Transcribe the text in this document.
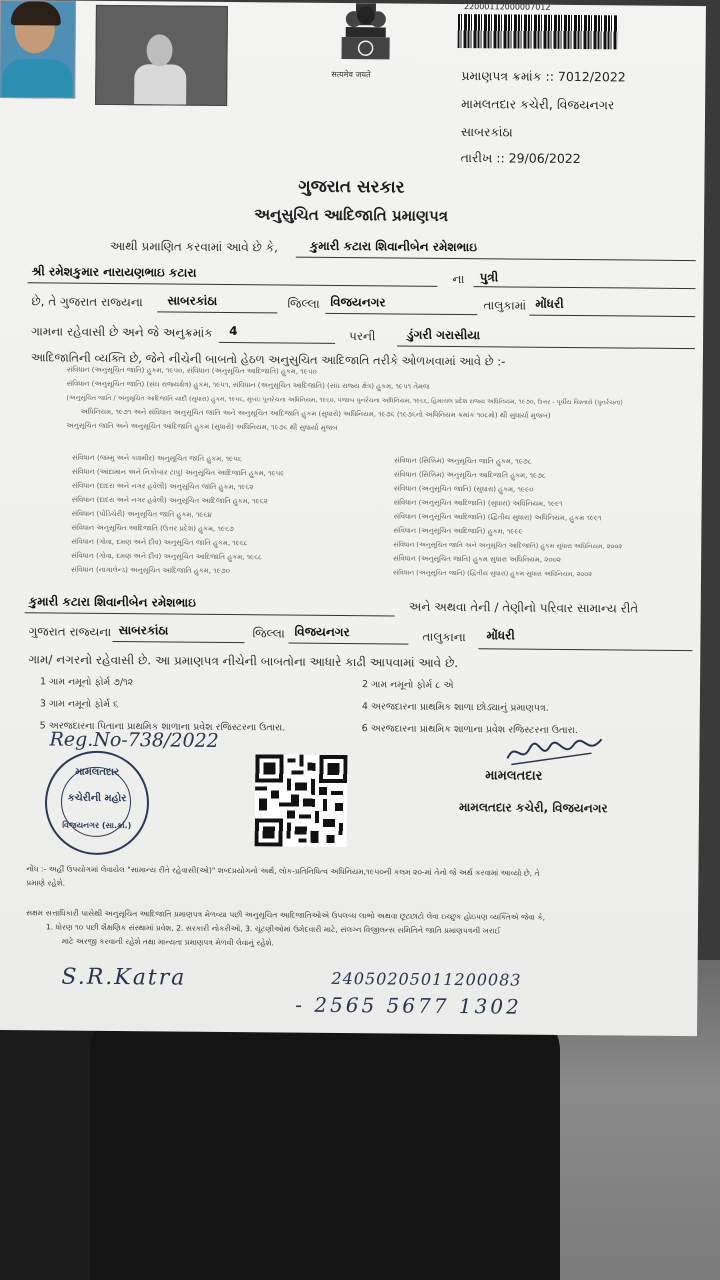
सत्यमेव जयते
22000112000007012
પ્રમાણપત્ર ક્રમાંક :: 7012/2022
મામલતદાર કચેરી, વિજયનગર
સાબરકાંઠા
તારીખ :: 29/06/2022
ગુજરાત સરકાર
અનુસુચિત આદિજાતિ પ્રમાણપત્ર
આથી પ્રમાણિત કરવામાં આવે છે કે,	કુમારી કટારા શિવાનીબેન રમેશભાઇ
શ્રી રમેશકુમાર નારાયણભાઇ કટારા	ના પુત્રી
છે, તે ગુજરાત રાજ્યના સાબરકાંઠા	જિલ્લા વિજયનગર	તાલુકામાં મોંધરી
ગામના રહેવાસી છે અને જે અનુક્રમાંક 4	પરની	ડુંગરી ગરાસીયા
આદિજાતિની વ્યક્તિ છે, જેને નીચેની બાબતો હેઠળ અનુસુચિત આદિજાતિ તરીકે ઓળખવામાં આવે છે :-
સંવિધાન (અનુસૂચિત જાતિ) હુકમ, ૧૯૫૦, સંવિધાન (અનુસૂચિત આદિજાતિ) હુકમ, ૧૯૫૦
સંવિધાન (અનુસૂચિત જાતિ) (સંઘ રાજ્યક્ષેત્ર) હુકમ, ૧૯૫૧, સંવિધાન (અનુસૂચિત આદિજાતિ) (સંઘ રાજ્ય ક્ષેત્ર) હુકમ, ૧૯૫૧ તેમજ
(અનુસૂચિત જાતિ / અનુસૂચિત આદિજાતિ યાદી (સુધારા) હુકમ, ૧૯૫૬, મુંબઇ પુનર્રચના અધિનિયમ, ૧૯૬૦, પંજાબ પુનર્રચના અધિનિયમ, ૧૯૬૬, હિમાચલ પ્રદેશ રાજ્ય અધિનિયમ, ૧૯૭૦, ઉત્તર - પૂર્વીય વિસ્તારો (પુનર્રચના)
અધિનિયમ, ૧૯૭૧ અને સંવિધાન અનુસૂચિત જાતિ અને અનુસૂચિત આદિજાતિ હુકમ (સુધારો) અધિનિયમ, ૧૯૭૬ (૧૯૭૬નો અધિનિયમ ક્રમાંક ૧૦૮મો) થી સુધાર્યા મુજબ)
અનુસૂચિત જાતિ અને અનુસૂચિત આદિજાતિ હુકમ (સુધારો) અધિનિયમ, ૧૯૭૬ થી સુધાર્યા મુજબ
સંવિધાન (જમ્મુ અને કાશ્મીર) અનુસૂચિત જાતિ હુકમ, ૧૯૫૬
સંવિધાન (આંદામાન અને નિકોબાર ટાપુ) અનુસૂચિત આદિજાતિ હુકમ, ૧૯૫૯
સંવિધાન (દાદરા અને નગર હવેલી) અનુસૂચિત જાતિ હુકમ, ૧૯૬૨
સંવિધાન (દાદરા અને નગર હવેલી) અનુસૂચિત આદિજાતિ હુકમ, ૧૯૬૨
સંવિધાન (પોંડિચેરી) અનુસૂચિત જાતિ હુકમ, ૧૯૬૪
સંવિધાન અનુસૂચિત આદિજાતિ (ઉત્તર પ્રદેશ) હુકમ, ૧૯૬૭
સંવિધાન (ગોવા, દમણ અને દીવ) અનુસૂચિત જાતિ હુકમ, ૧૯૬૮
સંવિધાન (ગોવા, દમણ અને દીવ) અનુસૂચિત આદિજાતિ હુકમ, ૧૯૬૮
સંવિધાન (નાગાલેન્ડ) અનુસૂચિત આદિજાતિ હુકમ, ૧૯૭૦
સંવિધાન (સિક્કિમ) અનુસૂચિત જાતિ હુકમ, ૧૯૭૮
સંવિધાન (સિક્કિમ) અનુસૂચિત આદિજાતિ હુકમ, ૧૯૭૮
સંવિધાન (અનુસૂચિત જાતિ) (સુધારા) હુકમ, ૧૯૯૦
સંવિધાન (અનુસૂચિત આદિજાતિ) (સુધારા) અધિનિયમ, ૧૯૯૧
સંવિધાન (અનુસૂચિત આદિજાતિ) (દ્વિતીય સુધારા) અધિનિયમ, હુકમ ૧૯૯૧
સંવિધાન (અનુસૂચિત આદિજાતિ) હુકમ, ૧૯૯૯
સંવિધાન (અનુસૂચિત જાતિ અને અનુસૂચિત આદિજાતિ) હુકમ સુધારા અધિનિયમ, ૨૦૦૨
સંવિધાન (અનુસૂચિત જાતિ) હુકમ સુધારા અધિનિયમ, ૨૦૦૨
સંવિધાન (અનુસૂચિત જાતિ) (દ્વિતીય સુધારા) હુકમ સુધારા અધિનિયમ, ૨૦૦૨
કુમારી કટારા શિવાનીબેન રમેશભાઇ	અને અથવા તેની / તેણીનો પરિવાર સામાન્ય રીતે
ગુજરાત રાજ્યના સાબરકાંઠા	જિલ્લા વિજયનગર	તાલુકાના મોંધરી
ગામ/ નગરનો રહેવાસી છે. આ પ્રમાણપત્ર નીચેની બાબતોના આધારે કાઢી આપવામાં આવે છે.
1 ગામ નમૂનો ફોર્મ ૭/૧૨	2 ગામ નમૂનો ફોર્મ ૮ એ
3 ગામ નમૂનો ફોર્મ ૬	4 અરજદારના પ્રાથમિક શાળા છોડ્યાનું પ્રમાણપત્ર.
5 અરજદારના પિતાના પ્રાથમિક શાળાના પ્રવેશ રજિસ્ટરના ઉતારા.	6 અરજદારના પ્રાથમિક શાળાના પ્રવેશ રજિસ્ટરના ઉતારા.
Reg.No-738/2022
મામલતદાર
કચેરીની મહોર
વિજયનગર (સા.કાં.)
મામલતદાર
મામલતદાર કચેરી, વિજયનગર
નોંધ :- અહીં ઉપયોગમાં લેવાયેલ "સામાન્ય રીતે રહેવાસી(ઓ)" શબ્દપ્રયોગનો અર્થ, લોક-પ્રતિનિધિત્વ અધિનિયમ,૧૯૫૦ની કલમ ૨૦-માં તેનો જે અર્થ કરવામાં આવ્યો છે, તે
પ્રમાણે રહેશે.
સક્ષમ સત્તાધિકારી પાસેથી અનુસૂચિત આદિજાતિ પ્રમાણપત્ર મેળવ્યા પછી અનુસૂચિત આદિજાતિઓએ ઉપલબ્ધ લાભો અથવા છૂટછાટો લેવા ઇચ્છુક હોઇપણ વ્યક્તિએ જેવા કે,
1. ધોરણ ૧૦ પછી શૈક્ષણિક સંસ્થામાં પ્રવેશ, 2. સરકારી નોકરીઓ, 3. ચૂંટણીઓમાં ઉમેદવારી માટે, સંલગ્ન વિજીલન્સ સમિતિને જાતિ પ્રમાણપત્રની ખરાઈ
માટે અરજી કરવાની રહેશે તથા માન્યતા પ્રમાણપત્ર મેળવી લેવાનું રહેશે.
S.R.Katra	24050205011200083
- 2565 5677 1302
